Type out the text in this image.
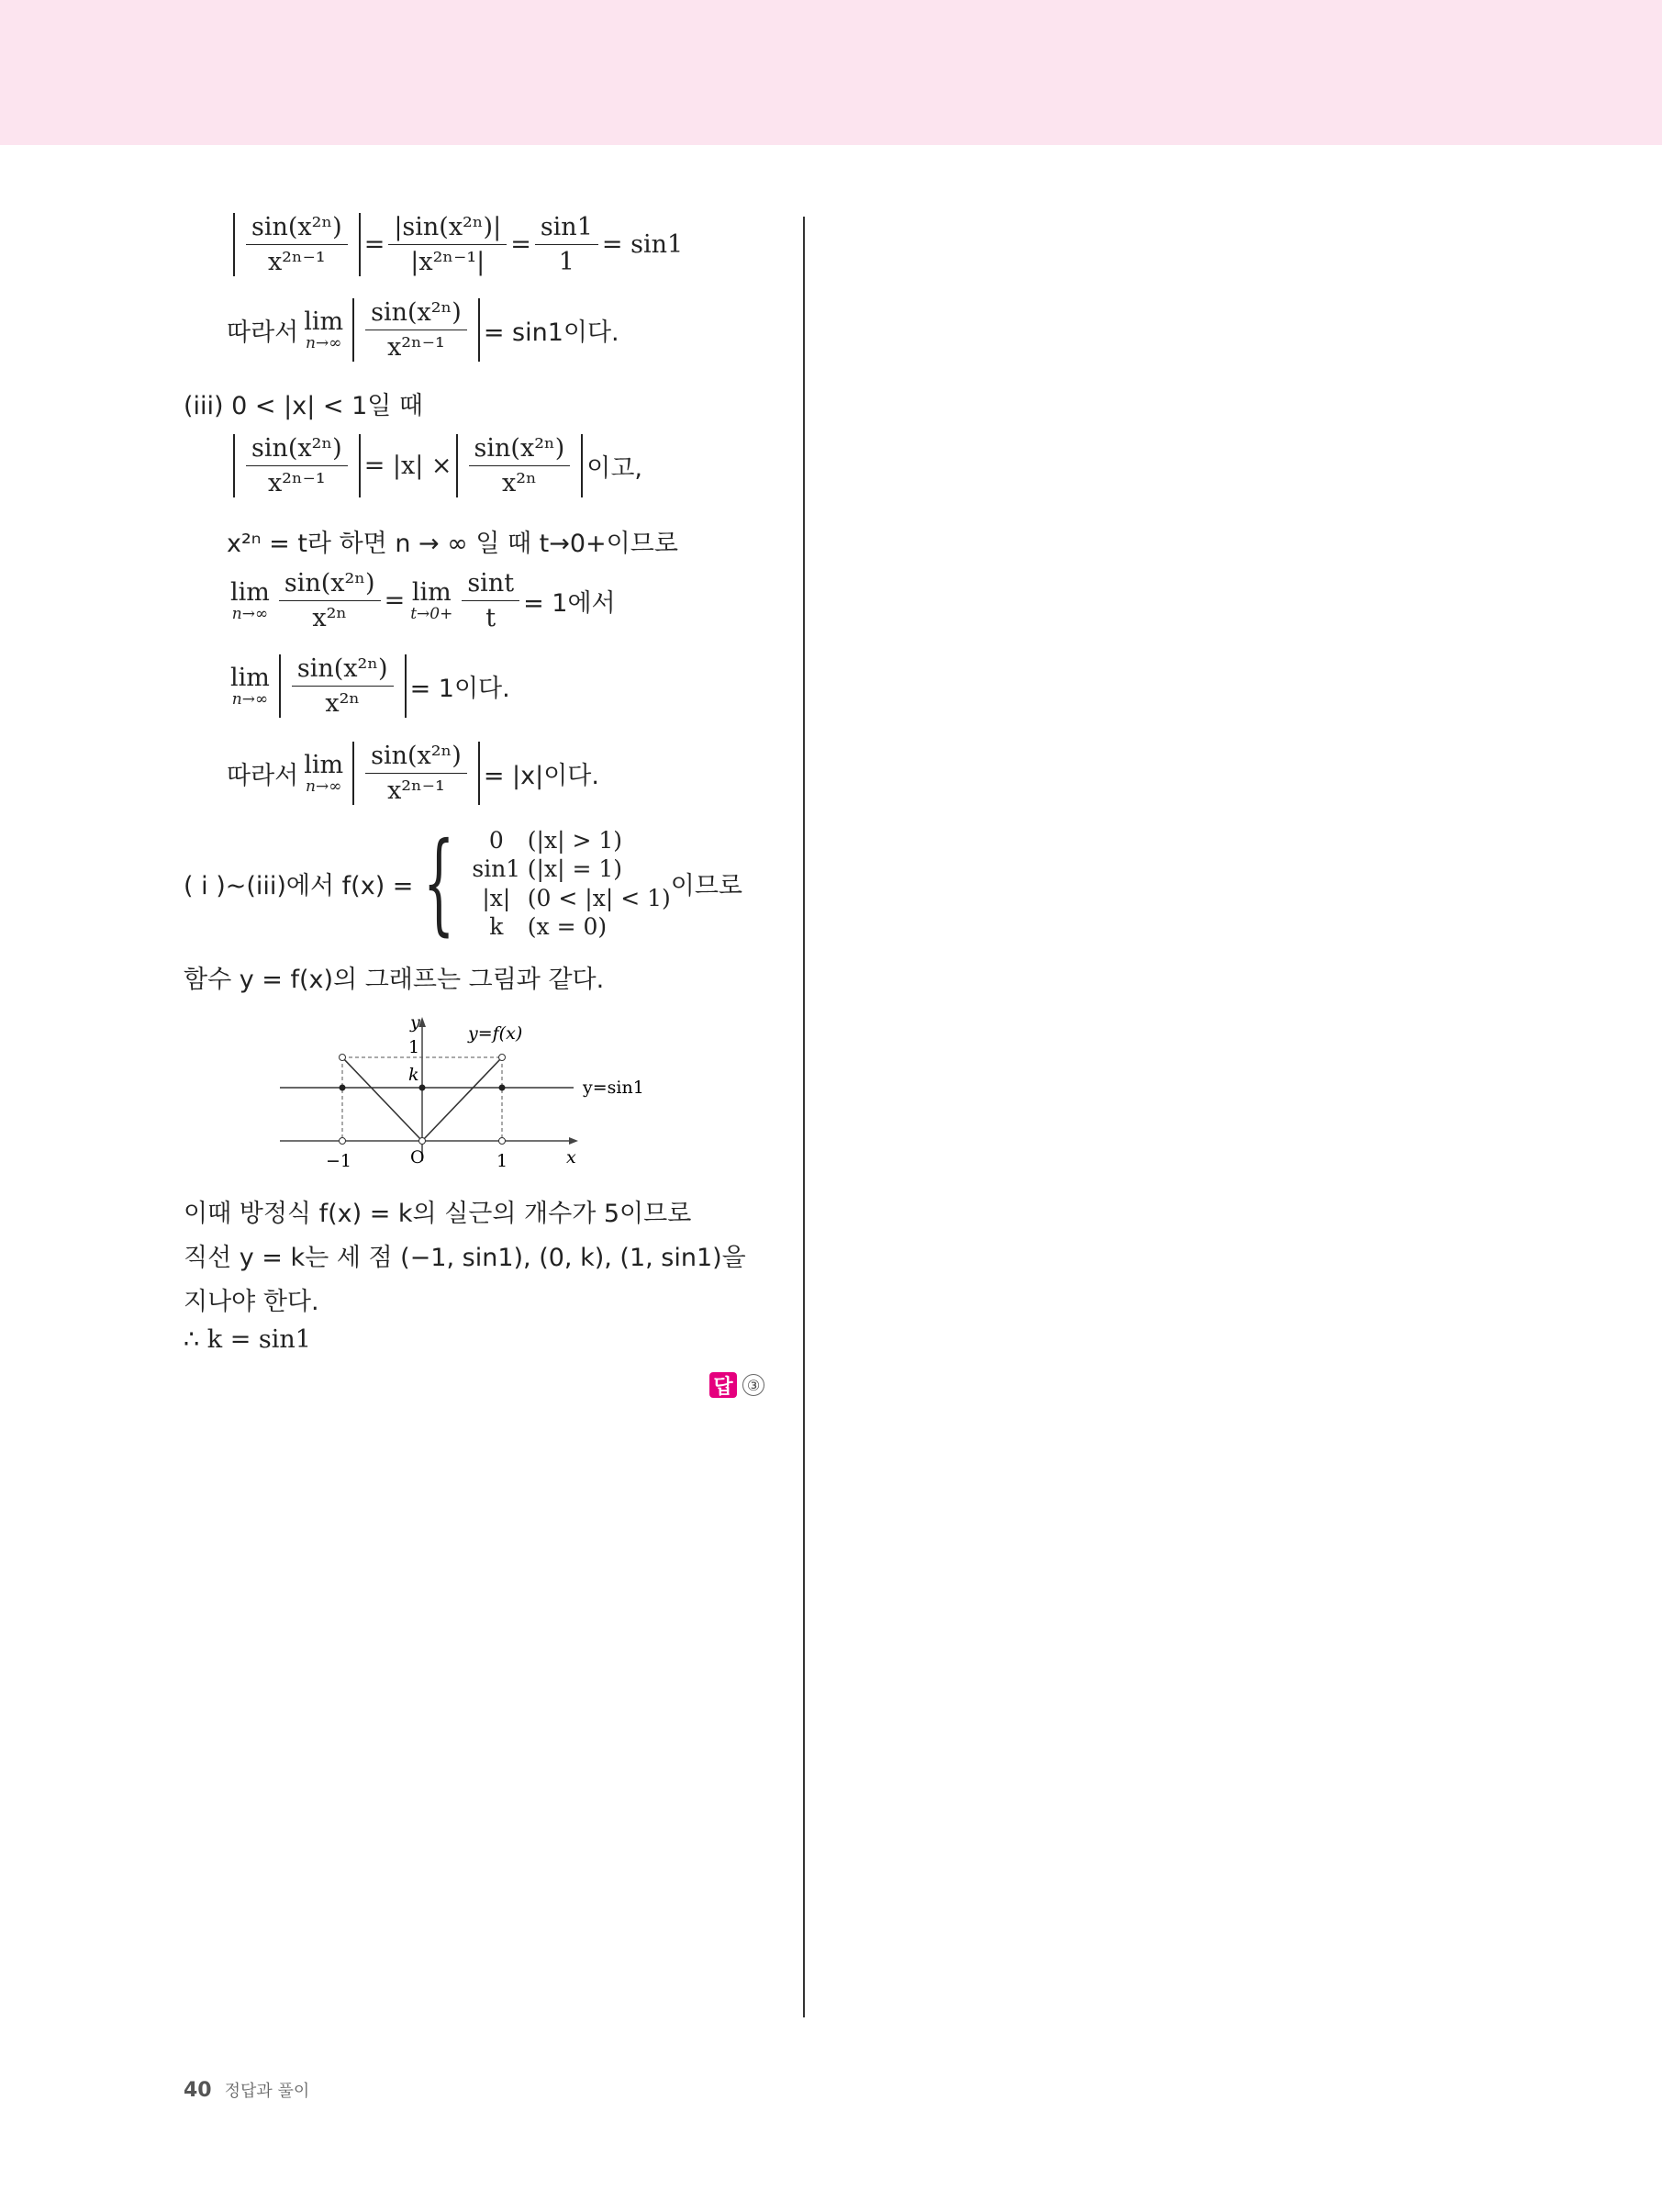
$\frac{\text{sin(x²ⁿ)}}{\text{x²ⁿ⁻¹}} = \frac{\text{|sin(x²ⁿ)|}}{\text{|x²ⁿ⁻¹|}} = \frac{\sin 1}{1}$ =
sin1
따라서 lim
$n\to\infty \frac{\text{sin(x²ⁿ)}}{\text{x²ⁿ⁻¹}} = \sin 1$이다.
(iii) 0 < |x| < 1일 때
$\frac{\text{sin(x²ⁿ)}}{\text{x²ⁿ⁻¹}}$ =
|x|
× $\frac{\text{sin(x²ⁿ)}}{\text{x²ⁿ}}$ 이고,
x²ⁿ = t라 하면 n → ∞ 일 때 t→0+이므로
lim
$n\to\infty \frac{\text{sin(x²ⁿ)}}{\text{x²ⁿ}} = \lim$
$t\to 0+ \frac{\sin t}{t} = 1$에서
lim
$n\to\infty \frac{\text{sin(x²ⁿ)}}{\text{x²ⁿ}} = 1$이다.
따라서 lim
$n\to\infty \frac{\text{sin(x²ⁿ)}}{\text{x²ⁿ⁻¹}} = |x|$이다.
( i )~(iii)에서 f(x) = {	0	(|x| > 1)
sin1 (|x| = 1)
|x| (0 < |x| < 1)
k	(x = 0)
이므로
함수 y = f(x)의 그래프는 그림과 같다.
y
1
k
y=f(x)
y=sin1
O
−1	1	x
이때 방정식 f(x) = k의 실근의 개수가 5이므로
직선 y = k는 세 점 (−1, sin1), (0, k), (1, sin1)을
지나야 한다.
∴ k = sin1
답 ③
40 정답과 풀이
